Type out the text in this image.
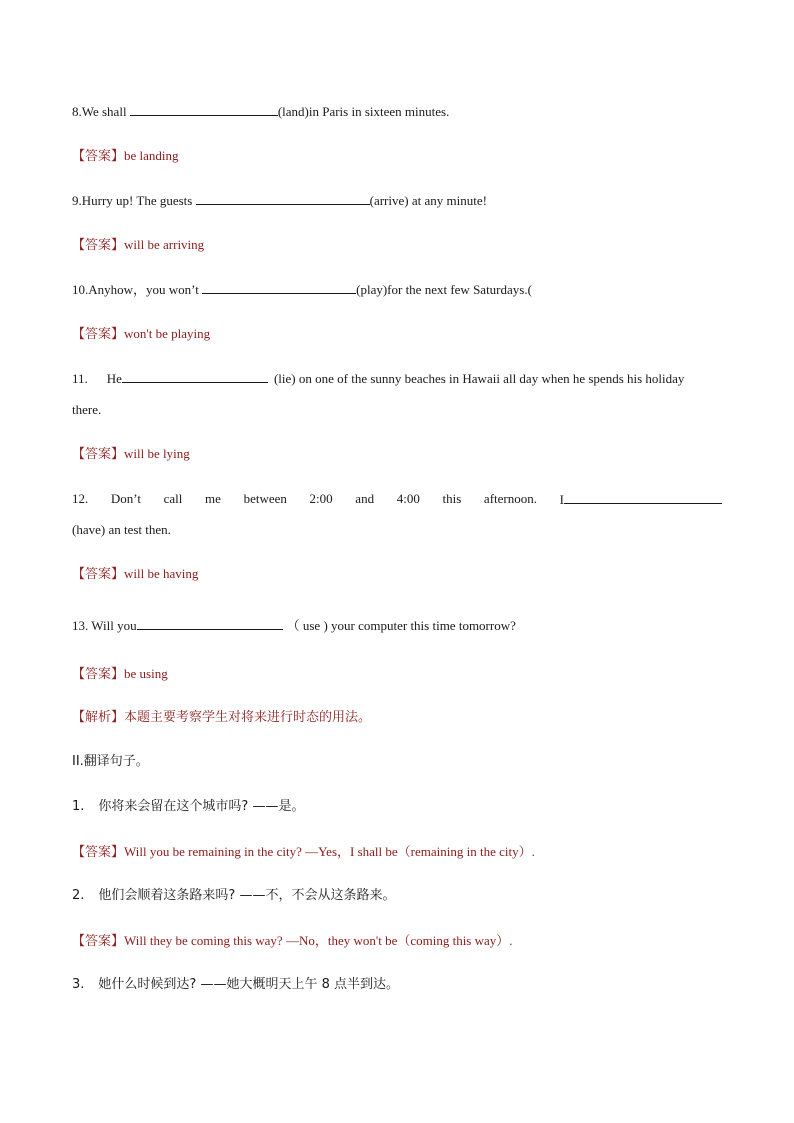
8.We shall	(land)in Paris in sixteen minutes.
【答案】be landing
9.Hurry up! The guests	(arrive) at any minute!
【答案】will be arriving
10.Anyhow，you won’t	(play)for the next few Saturdays.(
【答案】won't be playing
11. He	(lie) on one of the sunny beaches in Hawaii all day when he spends his holiday
there.
【答案】will be lying
12. Don’t call me between 2:00 and 4:00 this afternoon. I
(have) an test then.
【答案】will be having
13. Will you	（ use ) your computer this time tomorrow?
【答案】be using
【解析】本题主要考察学生对将来进行时态的用法。
II.翻译句子。
1. 你将来会留在这个城市吗? ——是。
【答案】Will you be remaining in the city? —Yes，I shall be（remaining in the city）.
2. 他们会顺着这条路来吗? ——不，不会从这条路来。
【答案】Will they be coming this way? —No，they won't be（coming this way）.
3. 她什么时候到达? ——她大概明天上午 8 点半到达。
